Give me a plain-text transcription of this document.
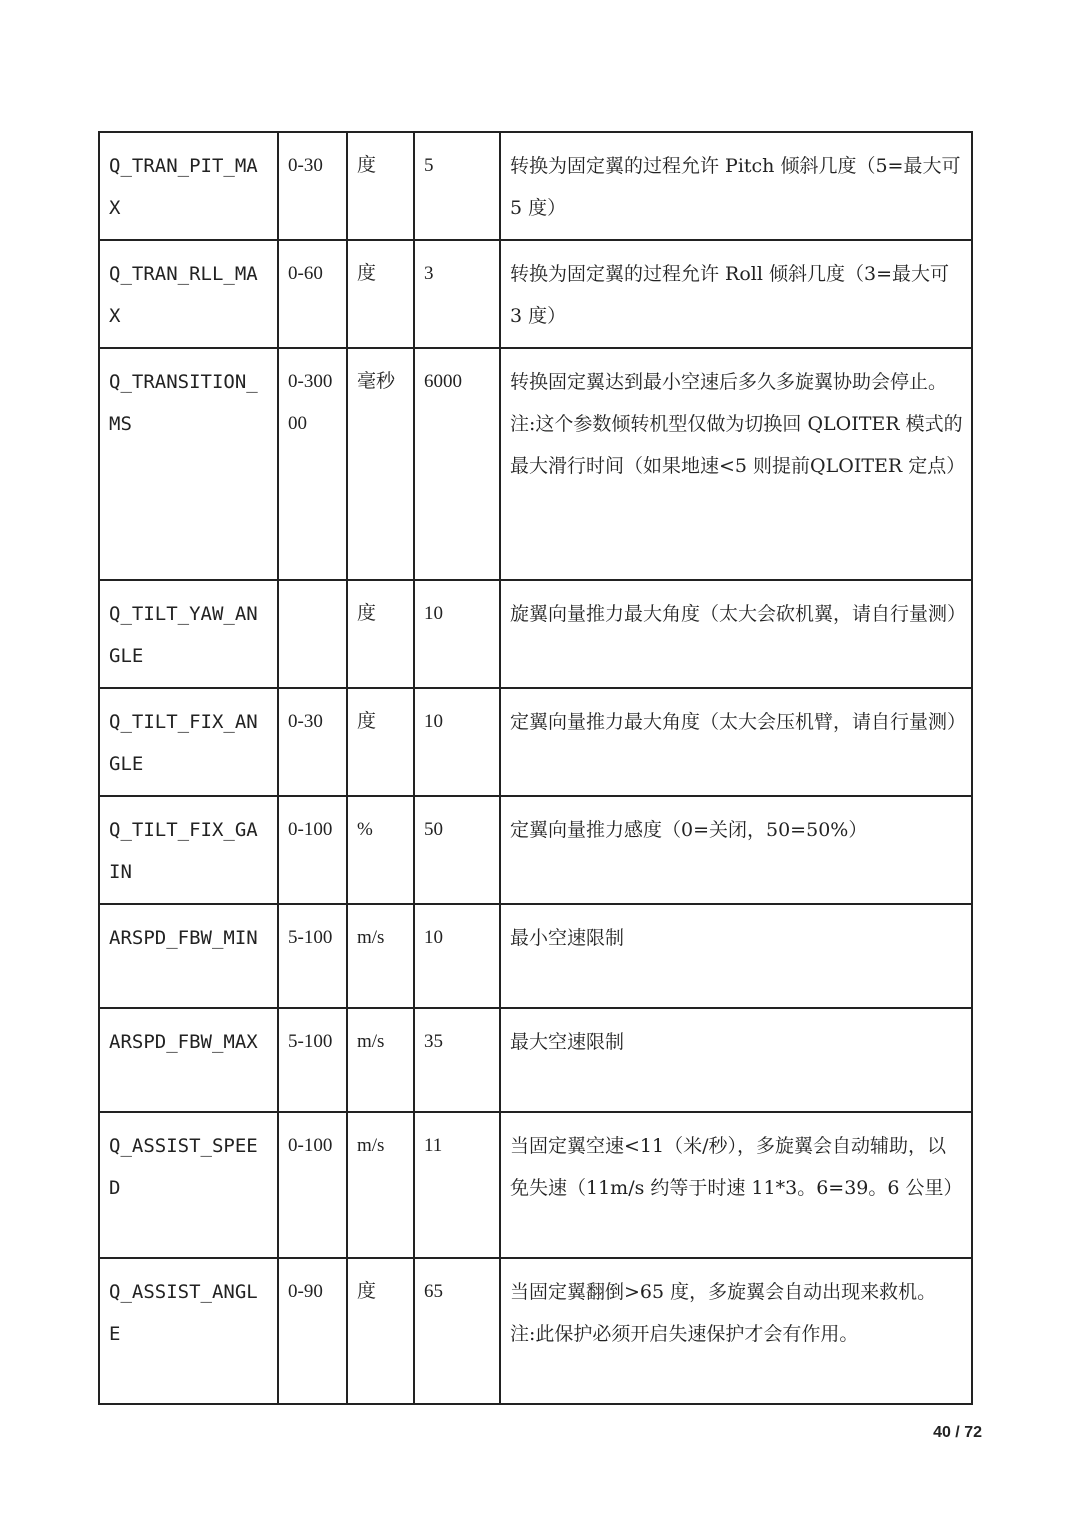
Q_TRAN_PIT_MAX	0-30	度	5	转换为固定翼的过程允许 Pitch 倾斜几度（5=最大可 5 度）

Q_TRAN_RLL_MAX	0-60	度	3	转换为固定翼的过程允许 Roll 倾斜几度（3=最大可 3 度）

Q_TRANSITION_MS	0-30000	毫秒	6000	转换固定翼达到最小空速后多久多旋翼协助会停止。
注:这个参数倾转机型仅做为切换回 QLOITER 模式的最大滑行时间（如果地速<5 则提前QLOITER 定点）

Q_TILT_YAW_ANGLE		度	10	旋翼向量推力最大角度（太大会砍机翼，请自行量测）

Q_TILT_FIX_ANGLE	0-30	度	10	定翼向量推力最大角度（太大会压机臂，请自行量测）

Q_TILT_FIX_GAIN	0-100	%	50	定翼向量推力感度（0=关闭，50=50%）

ARSPD_FBW_MIN	5-100	m/s	10	最小空速限制

ARSPD_FBW_MAX	5-100	m/s	35	最大空速限制

Q_ASSIST_SPEED	0-100	m/s	11	当固定翼空速<11（米/秒），多旋翼会自动辅助，以免失速（11m/s 约等于时速 11*3。6=39。6 公里）

Q_ASSIST_ANGLE	0-90	度	65	当固定翼翻倒>65 度，多旋翼会自动出现来救机。
注:此保护必须开启失速保护才会有作用。
40 / 72
